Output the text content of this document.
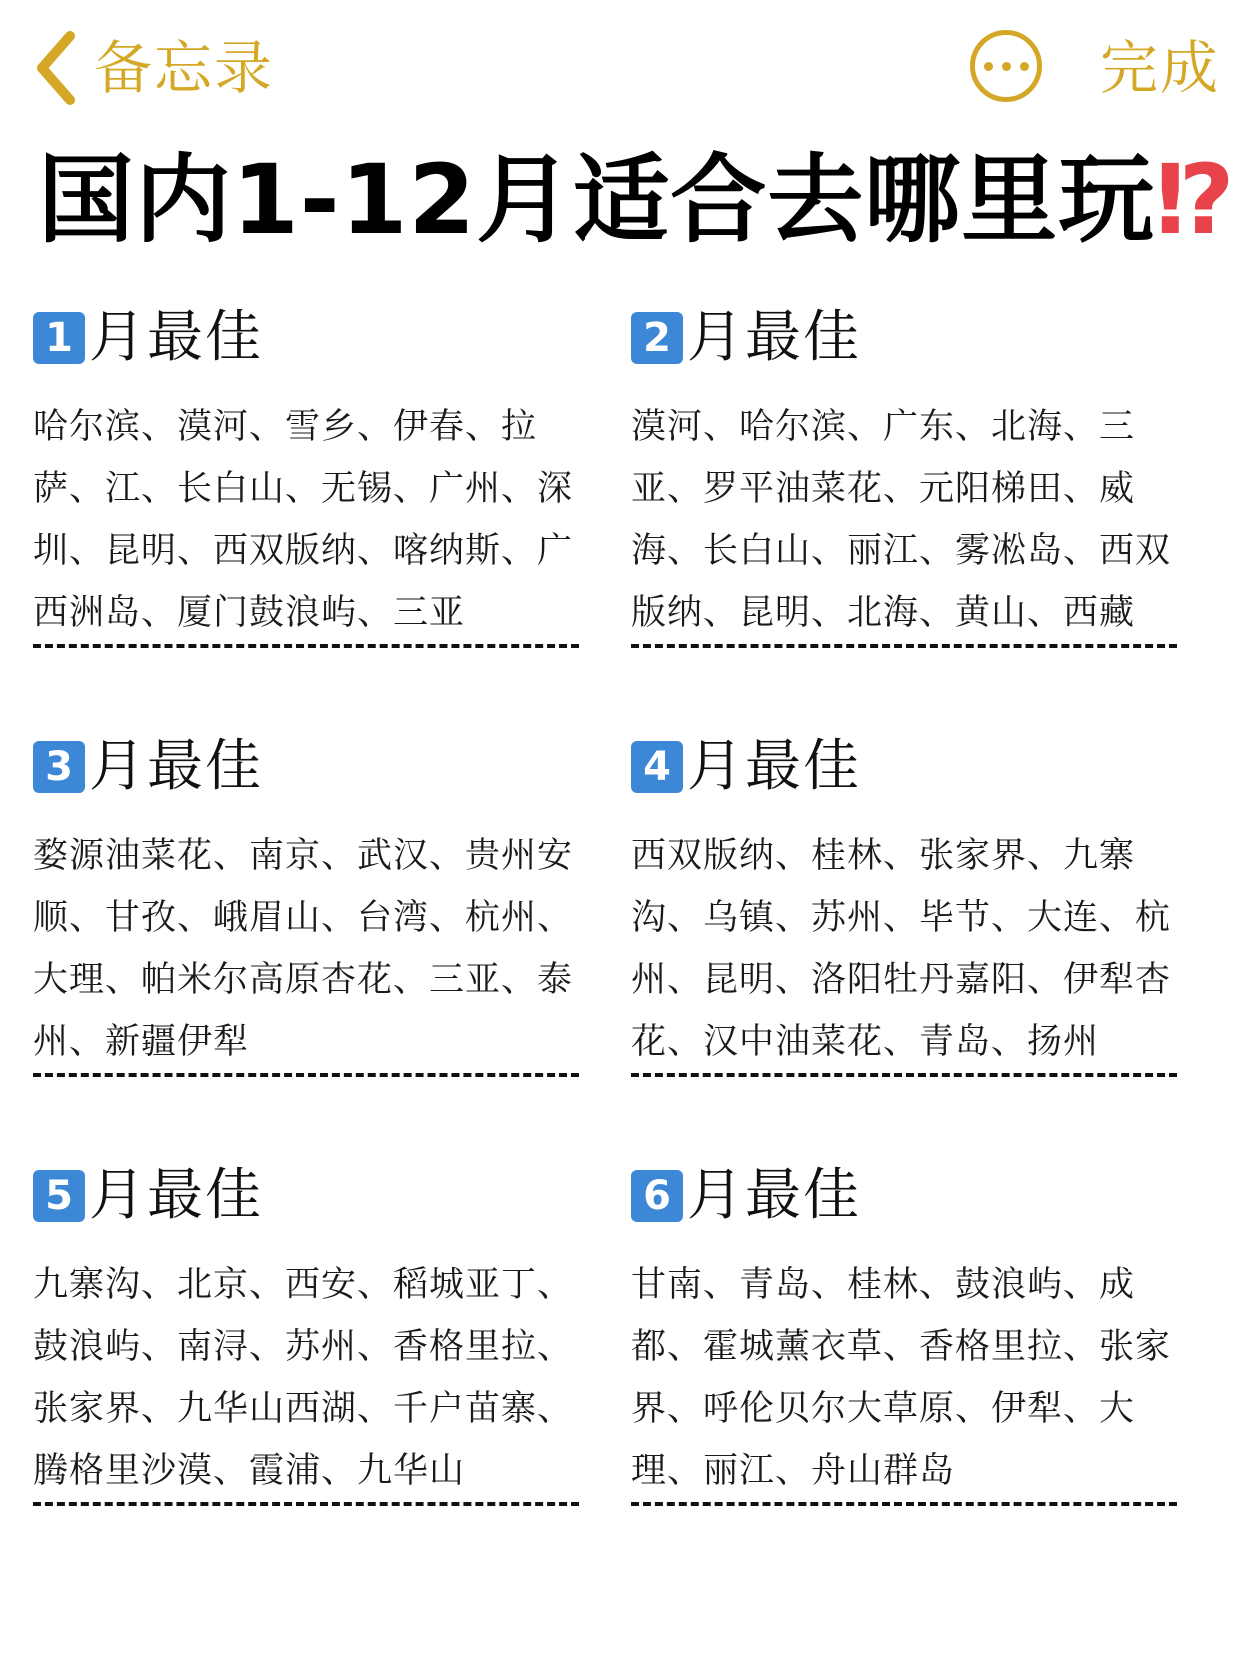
备忘录	完成
国内1-12月适合去哪里玩⁉
1 月最佳
哈尔滨、漠河、雪乡、伊春、拉萨、江、长白山、无锡、广州、深圳、昆明、西双版纳、喀纳斯、广西洲岛、厦门鼓浪屿、三亚
2 月最佳
漠河、哈尔滨、广东、北海、三亚、罗平油菜花、元阳梯田、威海、长白山、丽江、雾凇岛、西双版纳、昆明、北海、黄山、西藏
3 月最佳
婺源油菜花、南京、武汉、贵州安顺、甘孜、峨眉山、台湾、杭州、大理、帕米尔高原杏花、三亚、泰州、新疆伊犁
4 月最佳
西双版纳、桂林、张家界、九寨沟、乌镇、苏州、毕节、大连、杭州、昆明、洛阳牡丹嘉阳、伊犁杏花、汉中油菜花、青岛、扬州
5 月最佳
九寨沟、北京、西安、稻城亚丁、鼓浪屿、南浔、苏州、香格里拉、张家界、九华山西湖、千户苗寨、腾格里沙漠、霞浦、九华山
6 月最佳
甘南、青岛、桂林、鼓浪屿、成都、霍城薰衣草、香格里拉、张家界、呼伦贝尔大草原、伊犁、大理、丽江、舟山群岛
